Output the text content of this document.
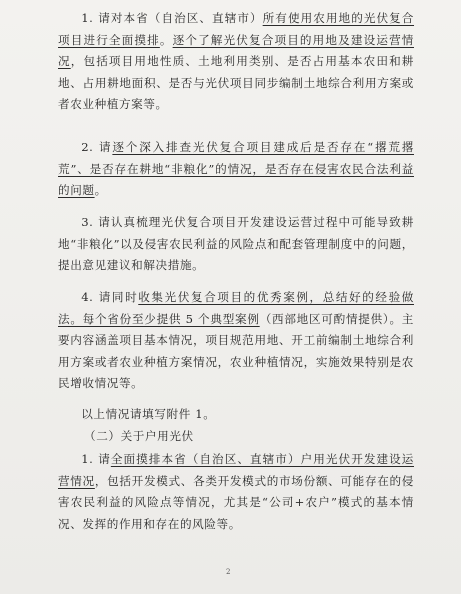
1. 请对本省（自治区、直辖市）所有使用农用地的光伏复合项目进行全面摸排。逐个了解光伏复合项目的用地及建设运营情况，包括项目用地性质、土地利用类别、是否占用基本农田和耕地、占用耕地面积、是否与光伏项目同步编制土地综合利用方案或者农业种植方案等。
2. 请逐个深入排查光伏复合项目建成后是否存在“撂荒撂荒”、是否存在耕地“非粮化”的情况，是否存在侵害农民合法利益的问题。
3. 请认真梳理光伏复合项目开发建设运营过程中可能导致耕地“非粮化”以及侵害农民利益的风险点和配套管理制度中的问题，提出意见建议和解决措施。
4. 请同时收集光伏复合项目的优秀案例，总结好的经验做法。每个省份至少提供 5 个典型案例（西部地区可酌情提供）。主要内容涵盖项目基本情况，项目规范用地、开工前编制土地综合利用方案或者农业种植方案情况，农业种植情况，实施效果特别是农民增收情况等。
以上情况请填写附件 1。
（二）关于户用光伏
1. 请全面摸排本省（自治区、直辖市）户用光伏开发建设运营情况，包括开发模式、各类开发模式的市场份额、可能存在的侵害农民利益的风险点等情况，尤其是“公司+农户”模式的基本情况、发挥的作用和存在的风险等。
2
